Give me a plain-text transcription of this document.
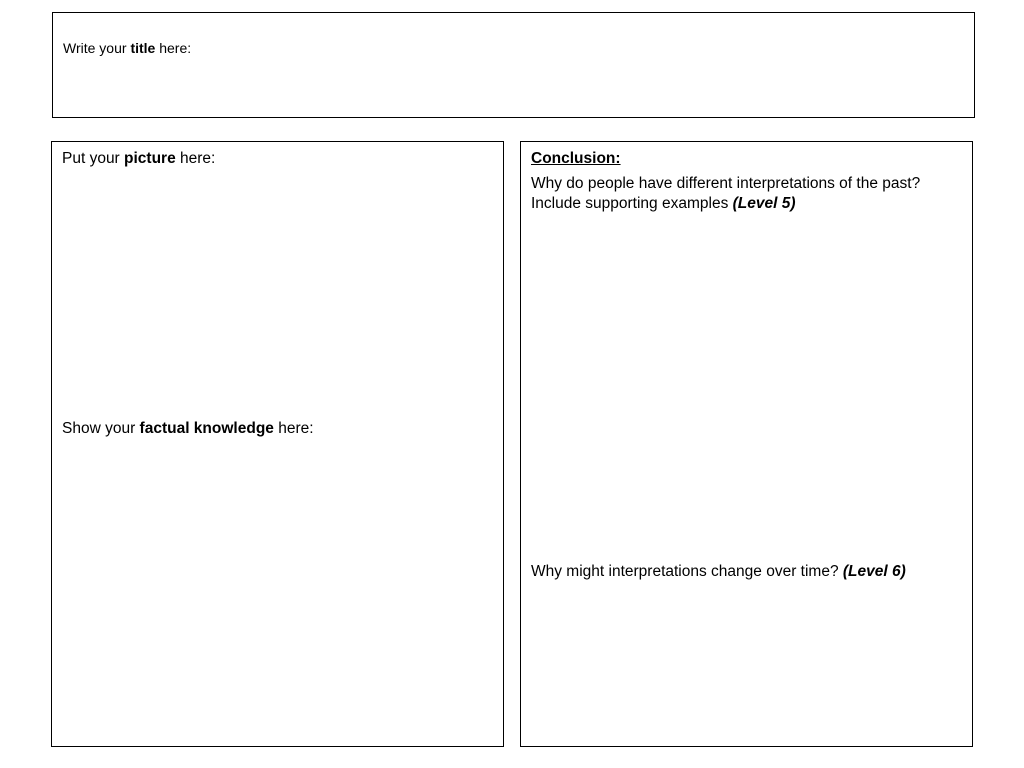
Write your title here:
Put your picture here:
Show your factual knowledge here:
Conclusion:
Why do people have different interpretations of the past?
Include supporting examples (Level 5)
Why might interpretations change over time? (Level 6)
